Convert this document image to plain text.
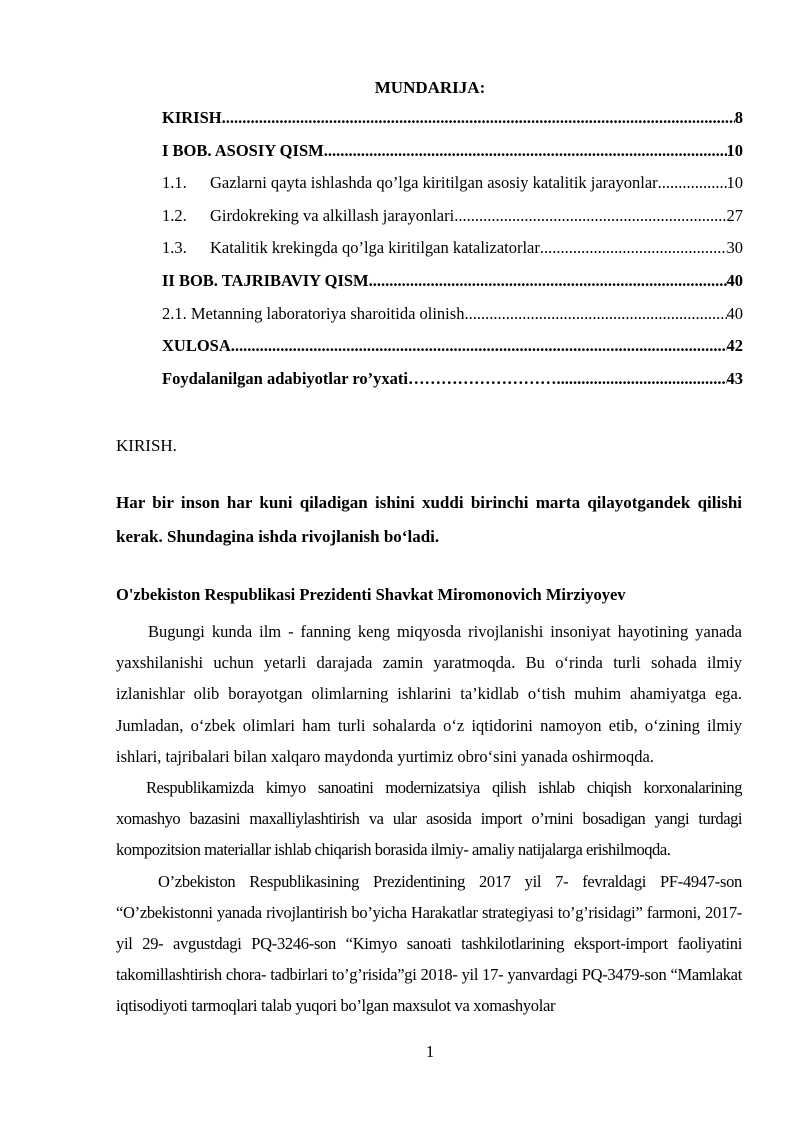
MUNDARIJA:
KIRISH .....	8
I BOB. ASOSIY QISM .....	10
1.1.	Gazlarni qayta ishlashda qo’lga kiritilgan asosiy katalitik jarayonlar .....	10
1.2.	Girdokreking va alkillash jarayonlari .....	27
1.3.	Katalitik krekingda qo’lga kiritilgan katalizatorlar .....	30
II BOB. TAJRIBAVIY QISM .....	40
2.1. Metanning laboratoriya sharoitida olinish .....	40
XULOSA .....	42
Foydalanilgan adabiyotlar ro’yxati………………………. .....	43
KIRISH.
Har bir inson har kuni qiladigan ishini xuddi birinchi marta qilayotgandek qilishi kerak. Shundagina ishda rivojlanish bo‘ladi.
O'zbekiston Respublikasi Prezidenti Shavkat Miromonovich Mirziyoyev

Bugungi kunda ilm - fanning keng miqyosda rivojlanishi insoniyat hayotining yanada yaxshilanishi uchun yetarli darajada zamin yaratmoqda. Bu o‘rinda turli sohada ilmiy izlanishlar olib borayotgan olimlarning ishlarini ta’kidlab o‘tish muhim ahamiyatga ega. Jumladan, o‘zbek olimlari ham turli sohalarda o‘z iqtidorini namoyon etib, o‘zining ilmiy ishlari, tajribalari bilan xalqaro maydonda yurtimiz obro‘sini yanada oshirmoqda.

Respublikamizda kimyo sanoatini modernizatsiya qilish ishlab chiqish korxonalarining xomashyo bazasini maxalliylashtirish va ular asosida import o’rnini bosadigan yangi turdagi kompozitsion materiallar ishlab chiqarish borasida ilmiy- amaliy natijalarga erishilmoqda.

O’zbekiston Respublikasining Prezidentining 2017 yil 7- fevraldagi PF-4947-son “O’zbekistonni yanada rivojlantirish bo’yicha Harakatlar strategiyasi to’g’risidagi” farmoni, 2017-yil 29- avgustdagi PQ-3246-son “Kimyo sanoati tashkilotlarining eksport-import faoliyatini takomillashtirish chora- tadbirlari to’g’risida”gi 2018- yil 17- yanvardagi PQ-3479-son “Mamlakat iqtisodiyoti tarmoqlari talab yuqori bo’lgan maxsulot va xomashyolar

1
